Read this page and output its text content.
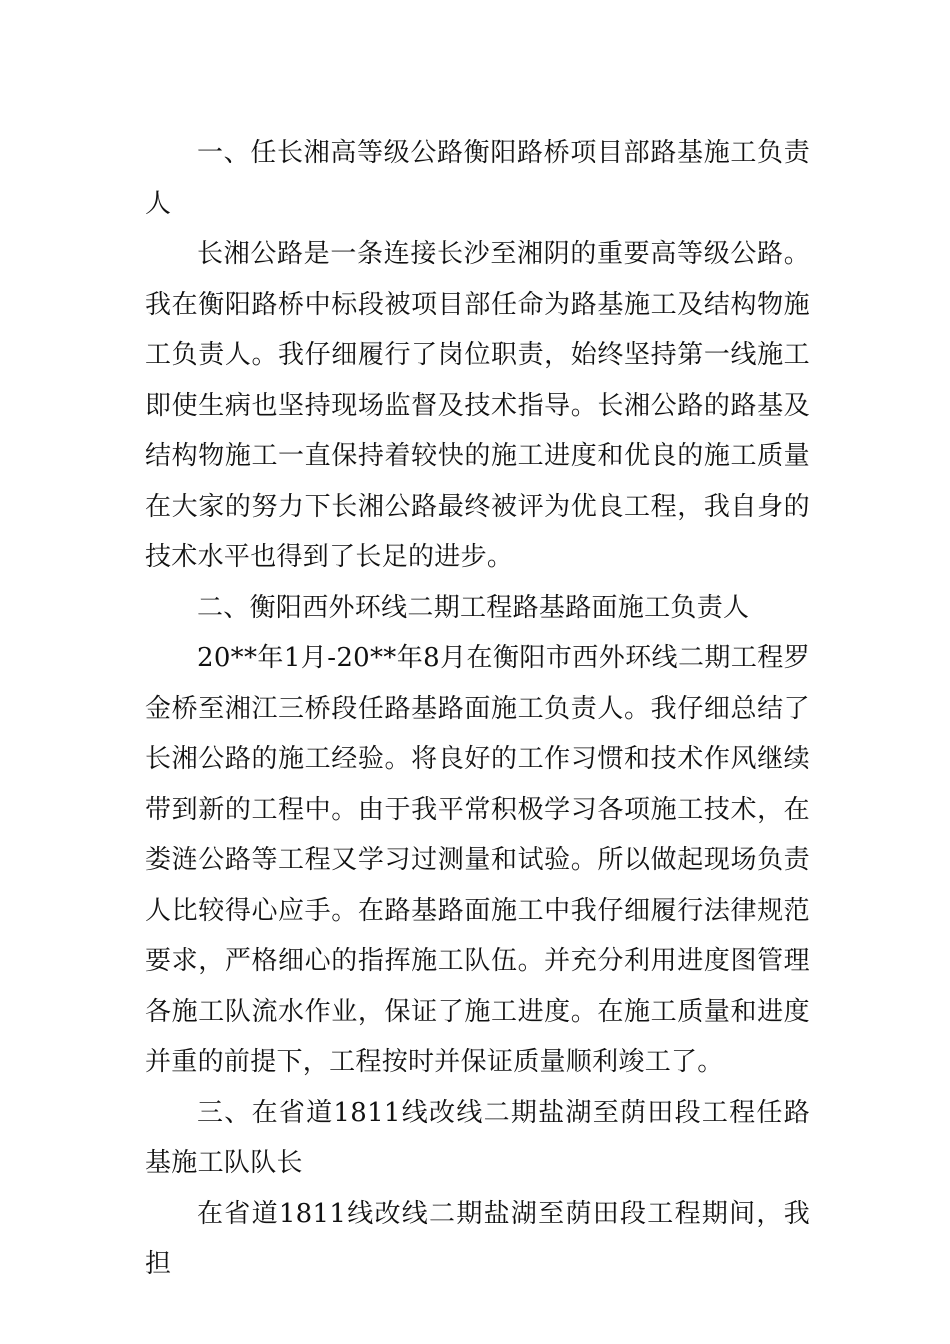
一、任长湘高等级公路衡阳路桥项目部路基施工负责人

长湘公路是一条连接长沙至湘阴的重要高等级公路。我在衡阳路桥中标段被项目部任命为路基施工及结构物施工负责人。我仔细履行了岗位职责，始终坚持第一线施工即使生病也坚持现场监督及技术指导。长湘公路的路基及结构物施工一直保持着较快的施工进度和优良的施工质量在大家的努力下长湘公路最终被评为优良工程，我自身的技术水平也得到了长足的进步。

二、衡阳西外环线二期工程路基路面施工负责人

20**年1月-20**年8月在衡阳市西外环线二期工程罗金桥至湘江三桥段任路基路面施工负责人。我仔细总结了长湘公路的施工经验。将良好的工作习惯和技术作风继续带到新的工程中。由于我平常积极学习各项施工技术，在娄涟公路等工程又学习过测量和试验。所以做起现场负责人比较得心应手。在路基路面施工中我仔细履行法律规范要求，严格细心的指挥施工队伍。并充分利用进度图管理各施工队流水作业，保证了施工进度。在施工质量和进度并重的前提下，工程按时并保证质量顺利竣工了。

三、在省道1811线改线二期盐湖至荫田段工程任路基施工队队长

在省道1811线改线二期盐湖至荫田段工程期间，我担
